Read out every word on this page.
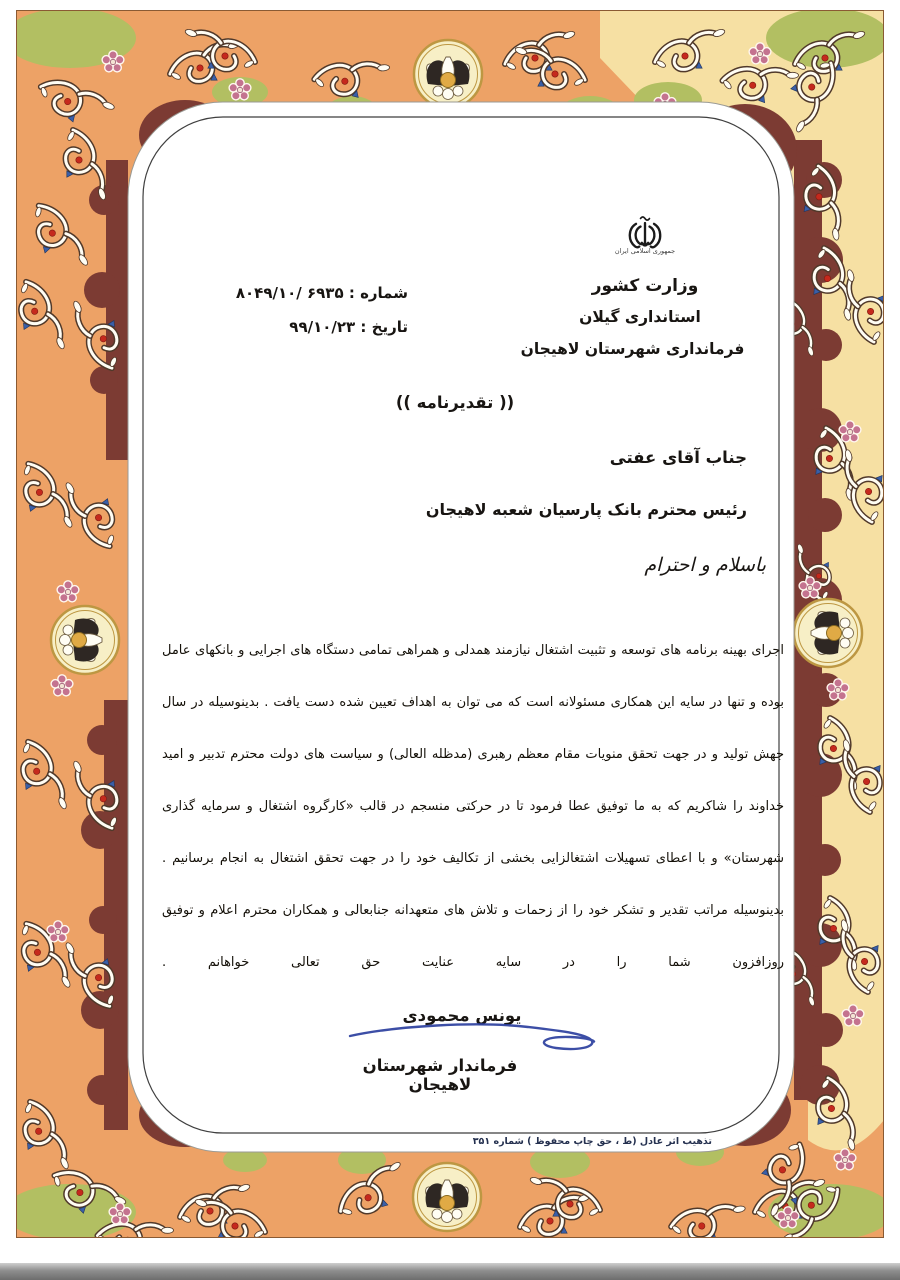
جمهوری اسلامی ایران
وزارت کشور
استانداری گیلان
فرمانداری شهرستان لاهیجان
شماره : ۸۰۴۹/۱۰/ ۶۹۳۵
تاریخ : ۹۹/۱۰/۲۳
(( تقدیرنامه ))
جناب آقای عفتی
رئیس محترم بانک پارسیان شعبه لاهیجان
باسلام و احترام

اجرای بهینه برنامه های توسعه و تثبیت اشتغال نیازمند همدلی و همراهی تمامی دستگاه های اجرایی و بانکهای عامل بوده و تنها در سایه این همکاری مسئولانه است که می توان به اهداف تعیین شده دست یافت . بدینوسیله در سال جهش تولید و در جهت تحقق منویات مقام معظم رهبری (مدظله العالی) و سیاست های دولت محترم تدبیر و امید خداوند را شاکریم که به ما توفیق عطا فرمود تا در حرکتی منسجم در قالب «کارگروه اشتغال و سرمایه گذاری شهرستان» و با اعطای تسهیلات اشتغالزایی بخشی از تکالیف خود را در جهت تحقق اشتغال به انجام برسانیم . بدینوسیله مراتب تقدیر و تشکر خود را از زحمات و تلاش های متعهدانه جنابعالی و همکاران محترم اعلام و توفیق روزافزون شما را در سایه عنایت حق تعالی خواهانم .

یونس محمودی
فرماندار شهرستان لاهیجان
تذهیب اثر عادل (ط ، حق چاپ محفوظ ) شماره ۳۵۱
